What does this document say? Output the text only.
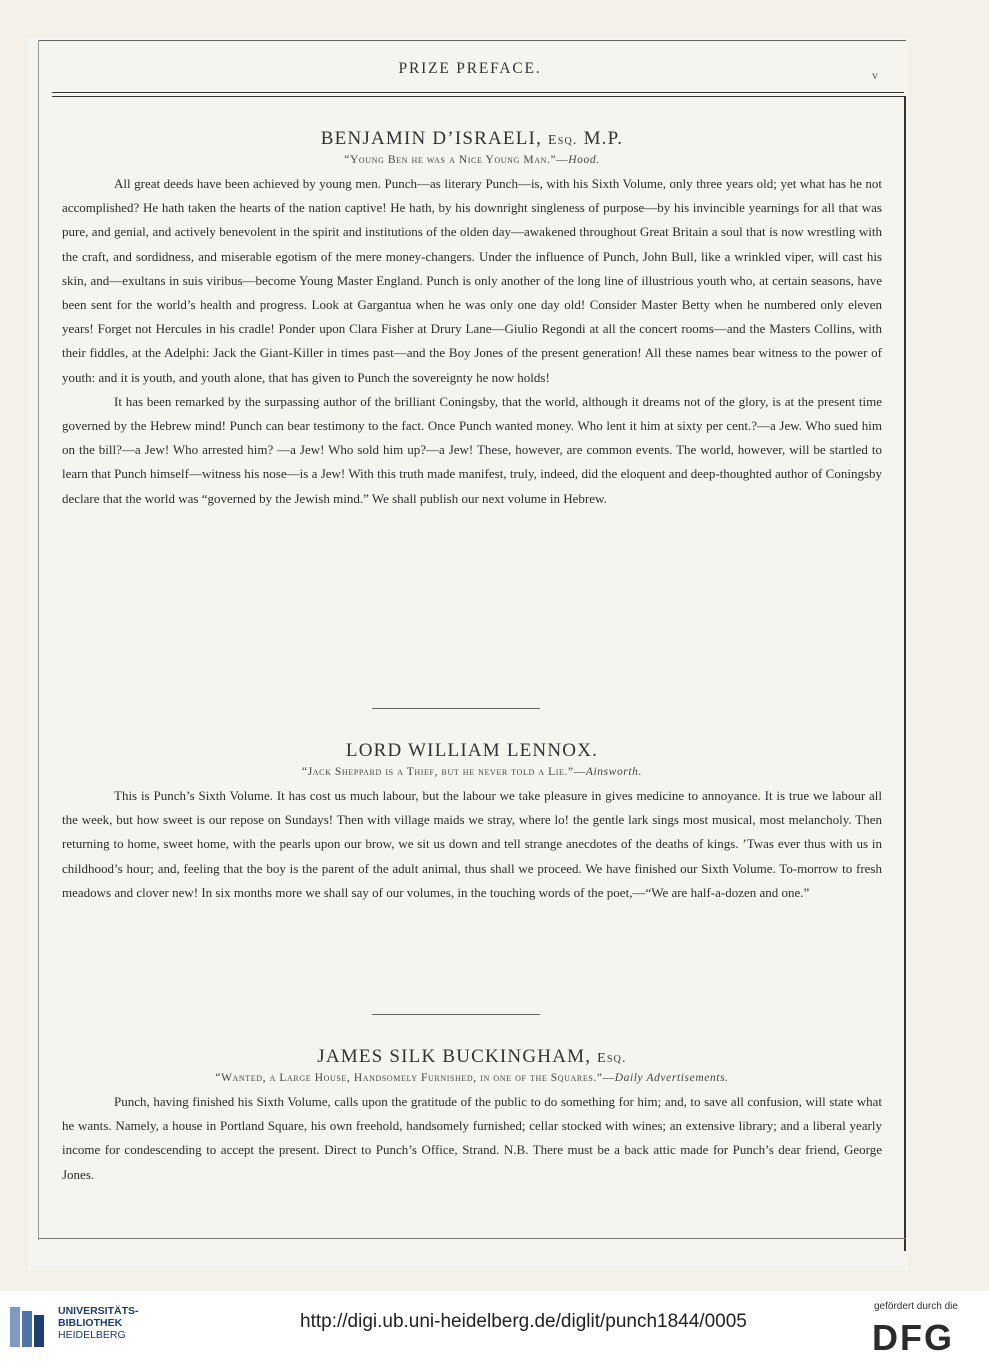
PRIZE PREFACE.	v
BENJAMIN D’ISRAELI, Esq. M.P.
“Young Ben he was a Nice Young Man.”—Hood.

All great deeds have been achieved by young men. Punch—as literary Punch—is, with his Sixth Volume, only three years old; yet what has he not accomplished? He hath taken the hearts of the nation captive! He hath, by his downright singleness of purpose—by his invincible yearnings for all that was pure, and genial, and actively benevolent in the spirit and institutions of the olden day—awakened throughout Great Britain a soul that is now wrestling with the craft, and sordidness, and miserable egotism of the mere money-changers. Under the influence of Punch, John Bull, like a wrinkled viper, will cast his skin, and—exultans in suis viribus—become Young Master England. Punch is only another of the long line of illustrious youth who, at certain seasons, have been sent for the world’s health and progress. Look at Gargantua when he was only one day old! Consider Master Betty when he numbered only eleven years! Forget not Hercules in his cradle! Ponder upon Clara Fisher at Drury Lane—Giulio Regondi at all the concert rooms—and the Masters Collins, with their fiddles, at the Adelphi: Jack the Giant-Killer in times past—and the Boy Jones of the present generation! All these names bear witness to the power of youth: and it is youth, and youth alone, that has given to Punch the sovereignty he now holds!

It has been remarked by the surpassing author of the brilliant Coningsby, that the world, although it dreams not of the glory, is at the present time governed by the Hebrew mind! Punch can bear testimony to the fact. Once Punch wanted money. Who lent it him at sixty per cent.?—a Jew. Who sued him on the bill?—a Jew! Who arrested him? —a Jew! Who sold him up?—a Jew! These, however, are common events. The world, however, will be startled to learn that Punch himself—witness his nose—is a Jew! With this truth made manifest, truly, indeed, did the eloquent and deep-thoughted author of Coningsby declare that the world was “governed by the Jewish mind.” We shall publish our next volume in Hebrew.

LORD WILLIAM LENNOX.
“Jack Sheppard is a Thief, but he never told a Lie.”—Ainsworth.

This is Punch’s Sixth Volume. It has cost us much labour, but the labour we take pleasure in gives medicine to annoyance. It is true we labour all the week, but how sweet is our repose on Sundays! Then with village maids we stray, where lo! the gentle lark sings most musical, most melancholy. Then returning to home, sweet home, with the pearls upon our brow, we sit us down and tell strange anecdotes of the deaths of kings. ’Twas ever thus with us in childhood’s hour; and, feeling that the boy is the parent of the adult animal, thus shall we proceed. We have finished our Sixth Volume. To-morrow to fresh meadows and clover new! In six months more we shall say of our volumes, in the touching words of the poet,—“We are half-a-dozen and one.”

JAMES SILK BUCKINGHAM, Esq.
“Wanted, a Large House, Handsomely Furnished, in one of the Squares.”—Daily Advertisements.

Punch, having finished his Sixth Volume, calls upon the gratitude of the public to do something for him; and, to save all confusion, will state what he wants. Namely, a house in Portland Square, his own freehold, handsomely furnished; cellar stocked with wines; an extensive library; and a liberal yearly income for condescending to accept the present. Direct to Punch’s Office, Strand. N.B. There must be a back attic made for Punch’s dear friend, George Jones.

UNIVERSITÄTS-
BIBLIOTHEK
HEIDELBERG
http://digi.ub.uni-heidelberg.de/diglit/punch1844/0005
gefördert durch die
DFG
